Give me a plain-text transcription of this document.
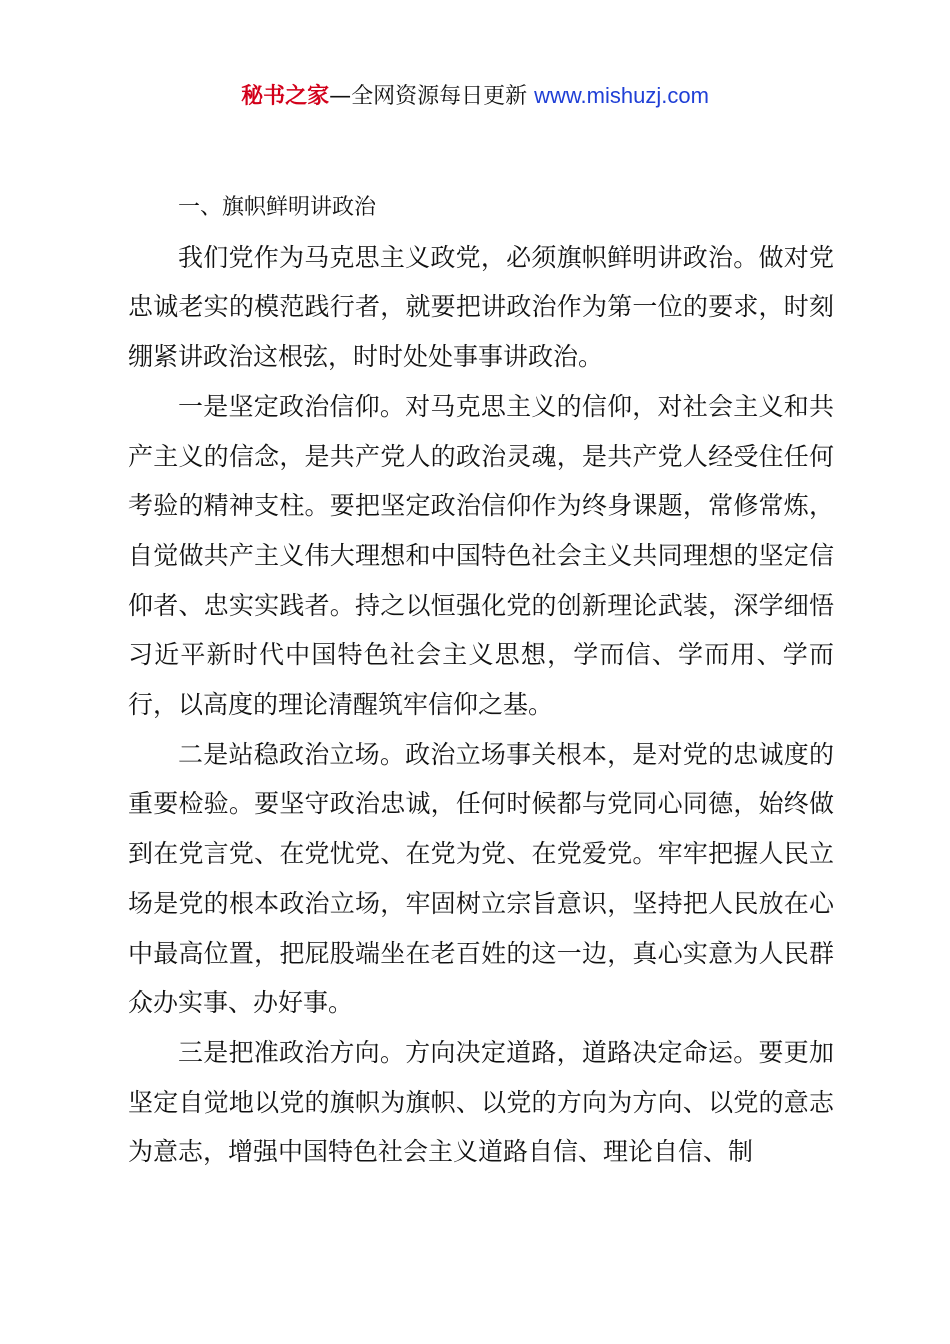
秘书之家—全网资源每日更新 www.mishuzj.com

一、旗帜鲜明讲政治

我们党作为马克思主义政党，必须旗帜鲜明讲政治。做对党忠诚老实的模范践行者，就要把讲政治作为第一位的要求，时刻绷紧讲政治这根弦，时时处处事事讲政治。

一是坚定政治信仰。对马克思主义的信仰，对社会主义和共产主义的信念，是共产党人的政治灵魂，是共产党人经受住任何考验的精神支柱。要把坚定政治信仰作为终身课题，常修常炼，自觉做共产主义伟大理想和中国特色社会主义共同理想的坚定信仰者、忠实实践者。持之以恒强化党的创新理论武装，深学细悟习近平新时代中国特色社会主义思想，学而信、学而用、学而行，以高度的理论清醒筑牢信仰之基。

二是站稳政治立场。政治立场事关根本，是对党的忠诚度的重要检验。要坚守政治忠诚，任何时候都与党同心同德，始终做到在党言党、在党忧党、在党为党、在党爱党。牢牢把握人民立场是党的根本政治立场，牢固树立宗旨意识，坚持把人民放在心中最高位置，把屁股端坐在老百姓的这一边，真心实意为人民群众办实事、办好事。

三是把准政治方向。方向决定道路，道路决定命运。要更加坚定自觉地以党的旗帜为旗帜、以党的方向为方向、以党的意志为意志，增强中国特色社会主义道路自信、理论自信、制
